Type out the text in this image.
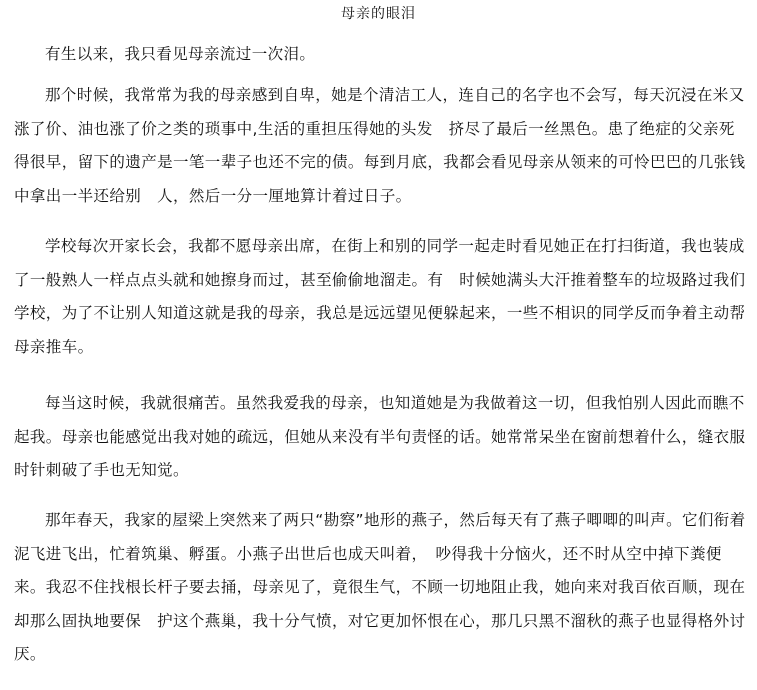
母亲的眼泪

有生以来，我只看见母亲流过一次泪。

那个时候，我常常为我的母亲感到自卑，她是个清洁工人，连自己的名字也不会写，每天沉浸在米又涨了价、油也涨了价之类的琐事中,生活的重担压得她的头发　挤尽了最后一丝黑色。患了绝症的父亲死得很早，留下的遗产是一笔一辈子也还不完的债。每到月底，我都会看见母亲从领来的可怜巴巴的几张钱中拿出一半还给别　人，然后一分一厘地算计着过日子。

学校每次开家长会，我都不愿母亲出席，在街上和别的同学一起走时看见她正在打扫街道，我也装成了一般熟人一样点点头就和她擦身而过，甚至偷偷地溜走。有　时候她满头大汗推着整车的垃圾路过我们学校，为了不让别人知道这就是我的母亲，我总是远远望见便躲起来，一些不相识的同学反而争着主动帮母亲推车。

每当这时候，我就很痛苦。虽然我爱我的母亲，也知道她是为我做着这一切，但我怕别人因此而瞧不起我。母亲也能感觉出我对她的疏远，但她从来没有半句责怪的话。她常常呆坐在窗前想着什么，缝衣服时针刺破了手也无知觉。

那年春天，我家的屋梁上突然来了两只“勘察”地形的燕子，然后每天有了燕子唧唧的叫声。它们衔着泥飞进飞出，忙着筑巢、孵蛋。小燕子出世后也成天叫着，　吵得我十分恼火，还不时从空中掉下粪便来。我忍不住找根长杆子要去捅，母亲见了，竟很生气，不顾一切地阻止我，她向来对我百依百顺，现在却那么固执地要保　护这个燕巢，我十分气愤，对它更加怀恨在心，那几只黑不溜秋的燕子也显得格外讨厌。
